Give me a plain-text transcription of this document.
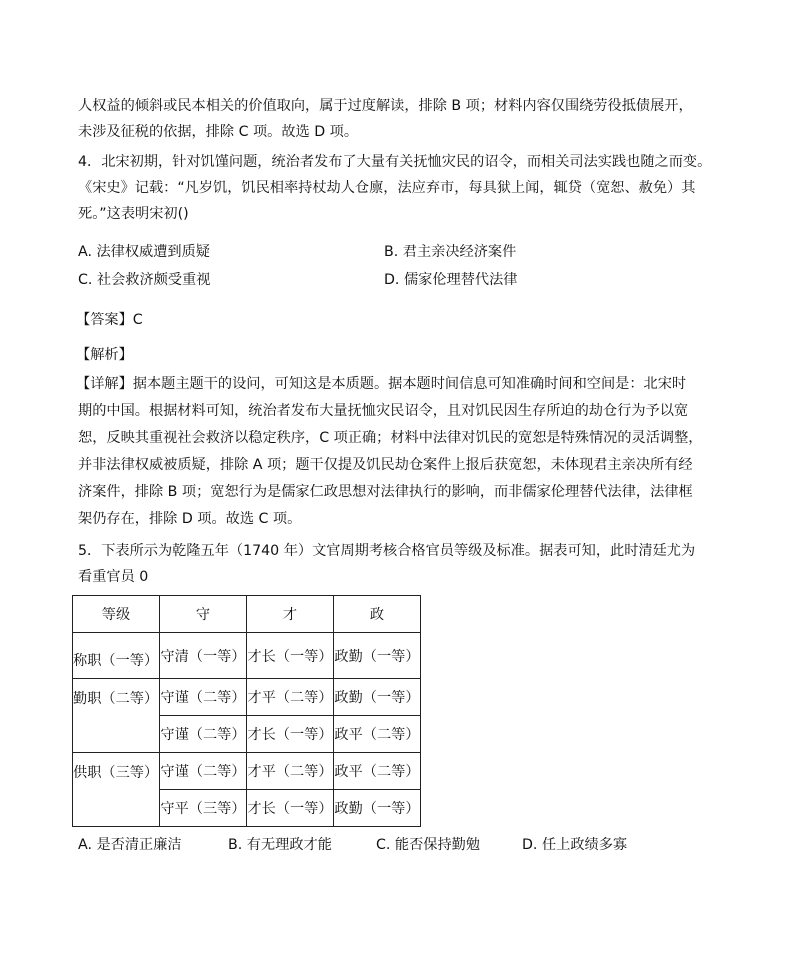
人权益的倾斜或民本相关的价值取向，属于过度解读，排除 B 项；材料内容仅围绕劳役抵债展开，
未涉及征税的依据，排除 C 项。故选 D 项。
4．北宋初期，针对饥馑问题，统治者发布了大量有关抚恤灾民的诏令，而相关司法实践也随之而变。
《宋史》记载：“凡岁饥，饥民相率持杖劫人仓廪，法应弃市，每具狱上闻，辄贷（宽恕、赦免）其
死。”这表明宋初()
A. 法律权威遭到质疑	B. 君主亲决经济案件
C. 社会救济颇受重视	D. 儒家伦理替代法律
【答案】C
【解析】
【详解】据本题主题干的设问，可知这是本质题。据本题时间信息可知准确时间和空间是：北宋时
期的中国。根据材料可知，统治者发布大量抚恤灾民诏令，且对饥民因生存所迫的劫仓行为予以宽
恕，反映其重视社会救济以稳定秩序，C 项正确；材料中法律对饥民的宽恕是特殊情况的灵活调整，
并非法律权威被质疑，排除 A 项；题干仅提及饥民劫仓案件上报后获宽恕，未体现君主亲决所有经
济案件，排除 B 项；宽恕行为是儒家仁政思想对法律执行的影响，而非儒家伦理替代法律，法律框
架仍存在，排除 D 项。故选 C 项。
5．下表所示为乾隆五年（1740 年）文官周期考核合格官员等级及标准。据表可知，此时清廷尤为
看重官员 0
等级	守	才	政
称职（一等）	守清（一等）	才长（一等）	政勤（一等）
勤职（二等）	守谨（二等）	才平（二等）	政勤（一等）
	守谨（二等）	才长（一等）	政平（二等）
供职（三等）	守谨（二等）	才平（二等）	政平（二等）
	守平（三等）	才长（一等）	政勤（一等）
A. 是否清正廉洁	B. 有无理政才能	C. 能否保持勤勉	D. 任上政绩多寡
